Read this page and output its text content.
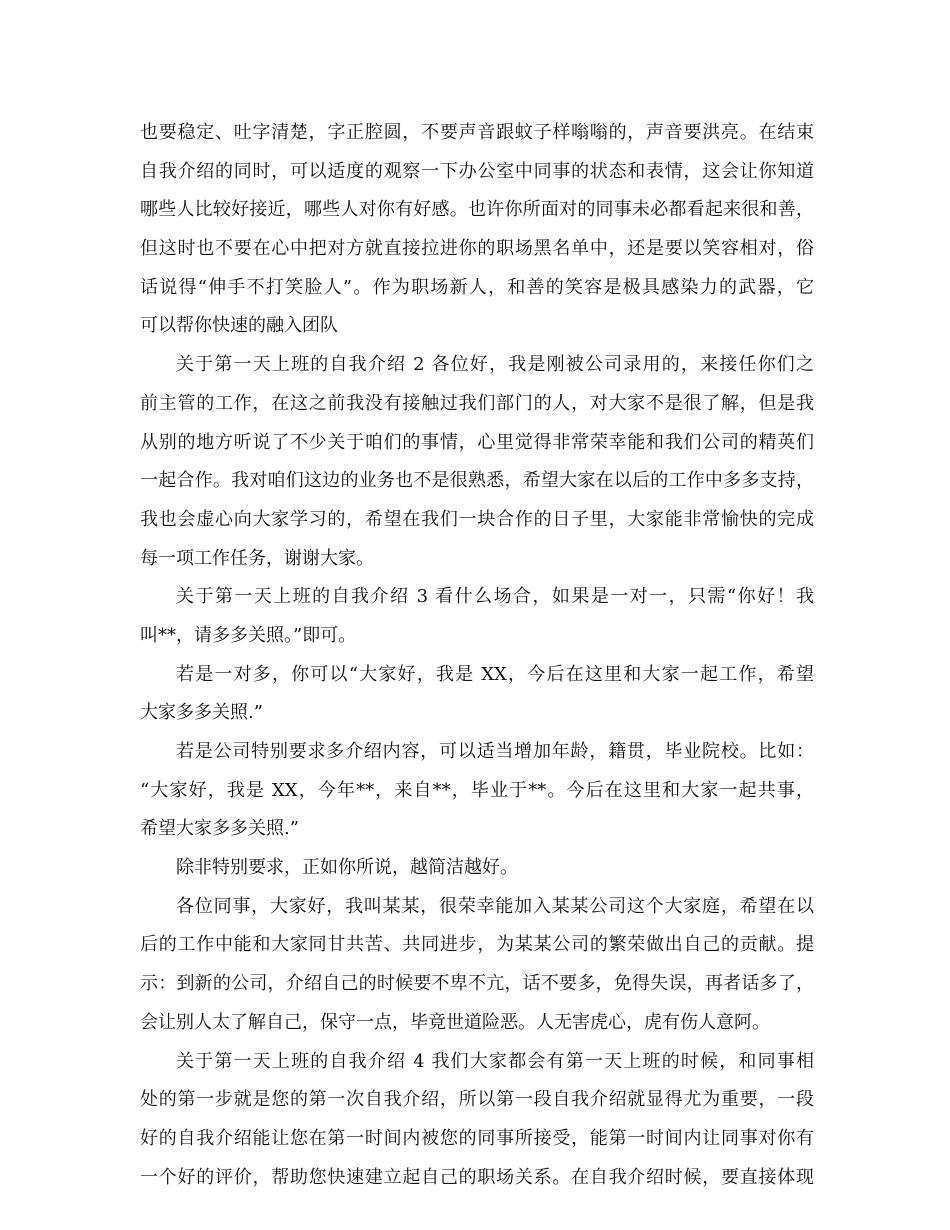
也要稳定、吐字清楚，字正腔圆，不要声音跟蚊子样嗡嗡的，声音要洪亮。在结束
自我介绍的同时，可以适度的观察一下办公室中同事的状态和表情，这会让你知道
哪些人比较好接近，哪些人对你有好感。也许你所面对的同事未必都看起来很和善，
但这时也不要在心中把对方就直接拉进你的职场黑名单中，还是要以笑容相对，俗
话说得“伸手不打笑脸人”。作为职场新人，和善的笑容是极具感染力的武器，它
可以帮你快速的融入团队
关于第一天上班的自我介绍 2 各位好，我是刚被公司录用的，来接任你们之
前主管的工作，在这之前我没有接触过我们部门的人，对大家不是很了解，但是我
从别的地方听说了不少关于咱们的事情，心里觉得非常荣幸能和我们公司的精英们
一起合作。我对咱们这边的业务也不是很熟悉，希望大家在以后的工作中多多支持，
我也会虚心向大家学习的，希望在我们一块合作的日子里，大家能非常愉快的完成
每一项工作任务，谢谢大家。
关于第一天上班的自我介绍 3 看什么场合，如果是一对一，只需“你好！我
叫**，请多多关照。”即可。
若是一对多，你可以“大家好，我是 XX，今后在这里和大家一起工作，希望
大家多多关照.”
若是公司特别要求多介绍内容，可以适当增加年龄，籍贯，毕业院校。比如：
“大家好，我是 XX，今年**，来自**，毕业于**。今后在这里和大家一起共事，
希望大家多多关照.”
除非特别要求，正如你所说，越简洁越好。
各位同事，大家好，我叫某某，很荣幸能加入某某公司这个大家庭，希望在以
后的工作中能和大家同甘共苦、共同进步，为某某公司的繁荣做出自己的贡献。提
示：到新的公司，介绍自己的时候要不卑不亢，话不要多，免得失误，再者话多了，
会让别人太了解自己，保守一点，毕竟世道险恶。人无害虎心，虎有伤人意阿。
关于第一天上班的自我介绍 4 我们大家都会有第一天上班的时候，和同事相
处的第一步就是您的第一次自我介绍，所以第一段自我介绍就显得尤为重要，一段
好的自我介绍能让您在第一时间内被您的同事所接受，能第一时间内让同事对你有
一个好的评价，帮助您快速建立起自己的职场关系。在自我介绍时候，要直接体现
